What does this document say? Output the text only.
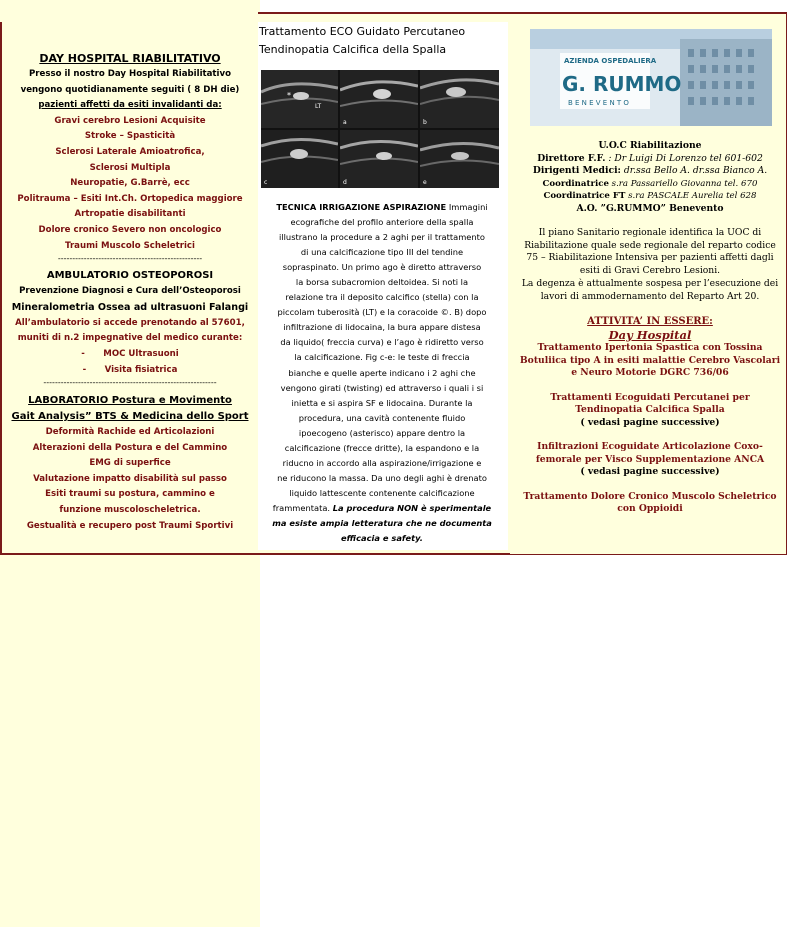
DAY HOSPITAL RIABILITATIVO
Presso il nostro Day Hospital Riabilitativo
vengono quotidianamente seguiti ( 8 DH die)
pazienti affetti da esiti invalidanti da:
Gravi cerebro Lesioni Acquisite
Stroke – Spasticità
Sclerosi Laterale Amioatrofica,
Sclerosi Multipla
Neuropatie, G.Barrè, ecc
Politrauma – Esiti Int.Ch. Ortopedica maggiore
Artropatie disabilitanti
Dolore cronico Severo non oncologico
Traumi Muscolo Scheletrici
--------------------------------------------------
AMBULATORIO OSTEOPOROSI
Prevenzione Diagnosi e Cura dell’Osteoporosi
Mineralometria Ossea ad ultrasuoni Falangi
All’ambulatorio si accede prenotando al 57601,
muniti di n.2 impegnative del medico curante:
- MOC Ultrasuoni
- Visita fisiatrica
------------------------------------------------------------
LABORATORIO Postura e Movimento
Gait Analysis” BTS & Medicina dello Sport
Deformità Rachide ed Articolazioni
Alterazioni della Postura e del Cammino
EMG di superfice
Valutazione impatto disabilità sul passo
Esiti traumi su postura, cammino e
funzione muscoloscheletrica.
Gestualità e recupero post Traumi Sportivi
Trattamento ECO Guidato Percutaneo
Tendinopatia Calcifica della Spalla
*
LT
a	b
c	d	e
TECNICA IRRIGAZIONE ASPIRAZIONE Immagini
ecografiche del profilo anteriore della spalla
illustrano la procedure a 2 aghi per il trattamento
di una calcificazione tipo III del tendine
sopraspinato. Un primo ago è diretto attraverso
la borsa subacromion deltoidea. Si noti la
relazione tra il deposito calcifico (stella) con la
piccolam tuberosità (LT) e la coracoide ©. B) dopo
infiltrazione di lidocaina, la bura appare distesa
da liquido( freccia curva) e l’ago è ridiretto verso
la calcificazione. Fig c-e: le teste di freccia
bianche e quelle aperte indicano i 2 aghi che
vengono girati (twisting) ed attraverso i quali i si
inietta e si aspira SF e lidocaina. Durante la
procedura, una cavità contenente fluido
ipoecogeno (asterisco) appare dentro la
calcificazione (frecce dritte), la espandono e la
riducno in accordo alla aspirazione/irrigazione e
ne riducono la massa. Da uno degli aghi è drenato
liquido lattescente contenente calcificazione
frammentata. La procedura NON è sperimentale
ma esiste ampia letteratura che ne documenta
efficacia e safety.
AZIENDA OSPEDALIERA
G. RUMMO
B E N E V E N T O
U.O.C Riabilitazione
Direttore F.F. : Dr Luigi Di Lorenzo tel 601-602
Dirigenti Medici: dr.ssa Bello A. dr.ssa Bianco A.
Coordinatrice s.ra Passariello Giovanna tel. 670
Coordinatrice FT s.ra PASCALE Aurelia tel 628
A.O. ”G.RUMMO” Benevento
Il piano Sanitario regionale identifica la UOC di
Riabilitazione quale sede regionale del reparto codice
75 – Riabilitazione Intensiva per pazienti affetti dagli
esiti di Gravi Cerebro Lesioni.
La degenza è attualmente sospesa per l’esecuzione dei
lavori di ammodernamento del Reparto Art 20.
ATTIVITA’ IN ESSERE:
Day Hospital
Trattamento Ipertonia Spastica con Tossina
Botuliica tipo A in esiti malattie Cerebro Vascolari
e Neuro Motorie DGRC 736/06
Trattamenti Ecoguidati Percutanei per
Tendinopatia Calcifica Spalla
( vedasi pagine successive)
Infiltrazioni Ecoguidate Articolazione Coxo-
femorale per Visco Supplementazione ANCA
( vedasi pagine successive)
Trattamento Dolore Cronico Muscolo Scheletrico
con Oppioidi
